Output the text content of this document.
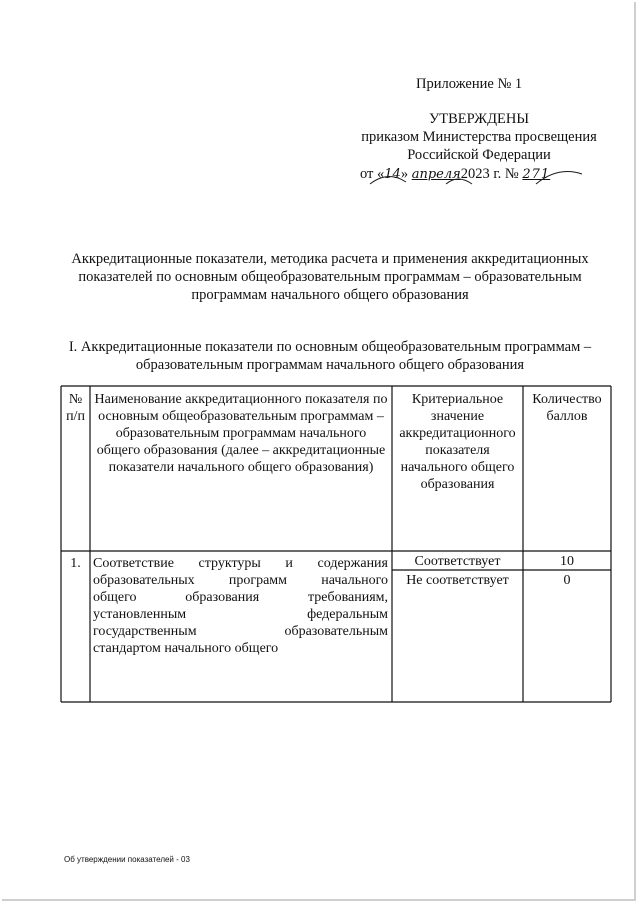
Приложение № 1
УТВЕРЖДЕНЫ
приказом Министерства просвещения
Российской Федерации
от «14» апреля2023 г. № 271
Аккредитационные показатели, методика расчета и применения аккредитационных показателей по основным общеобразовательным программам – образовательным программам начального общего образования
I. Аккредитационные показатели по основным общеобразовательным программам – образовательным программам начального общего образования
№
п/п
Наименование аккредитационного показателя по основным общеобразовательным программам – образовательным программам начального общего образования (далее – аккредитационные показатели начального общего образования)
Критериальное значение аккредитационного показателя начального общего образования
Количество баллов
1. Соответствие структуры и содержания
образовательных программ начального
общего образования требованиям,
установленным федеральным
государственным образовательным
стандартом начального общего
Соответствует	10
Не соответствует	0
Об утверждении показателей - 03
